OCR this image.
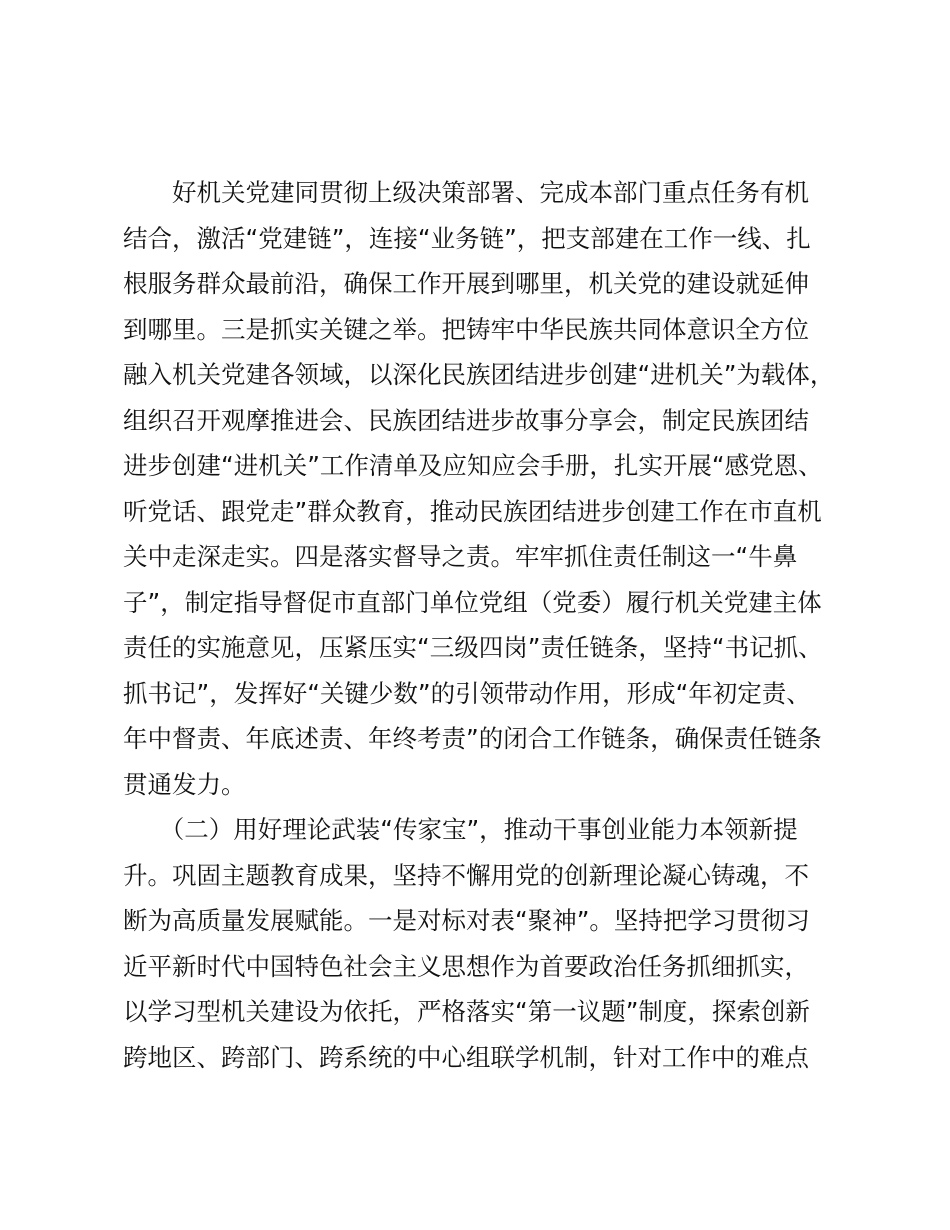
　　好机关党建同贯彻上级决策部署、完成本部门重点任务有机
结合，激活“党建链”，连接“业务链”，把支部建在工作一线、扎
根服务群众最前沿，确保工作开展到哪里，机关党的建设就延伸
到哪里。三是抓实关键之举。把铸牢中华民族共同体意识全方位
融入机关党建各领域，以深化民族团结进步创建“进机关”为载体，
组织召开观摩推进会、民族团结进步故事分享会，制定民族团结
进步创建“进机关”工作清单及应知应会手册，扎实开展“感党恩、
听党话、跟党走”群众教育，推动民族团结进步创建工作在市直机
关中走深走实。四是落实督导之责。牢牢抓住责任制这一“牛鼻
子”，制定指导督促市直部门单位党组（党委）履行机关党建主体
责任的实施意见，压紧压实“三级四岗”责任链条，坚持“书记抓、
抓书记”，发挥好“关键少数”的引领带动作用，形成“年初定责、
年中督责、年底述责、年终考责”的闭合工作链条，确保责任链条
贯通发力。
　　（二）用好理论武装“传家宝”，推动干事创业能力本领新提
升。巩固主题教育成果，坚持不懈用党的创新理论凝心铸魂，不
断为高质量发展赋能。一是对标对表“聚神”。坚持把学习贯彻习
近平新时代中国特色社会主义思想作为首要政治任务抓细抓实，
以学习型机关建设为依托，严格落实“第一议题”制度，探索创新
跨地区、跨部门、跨系统的中心组联学机制，针对工作中的难点
